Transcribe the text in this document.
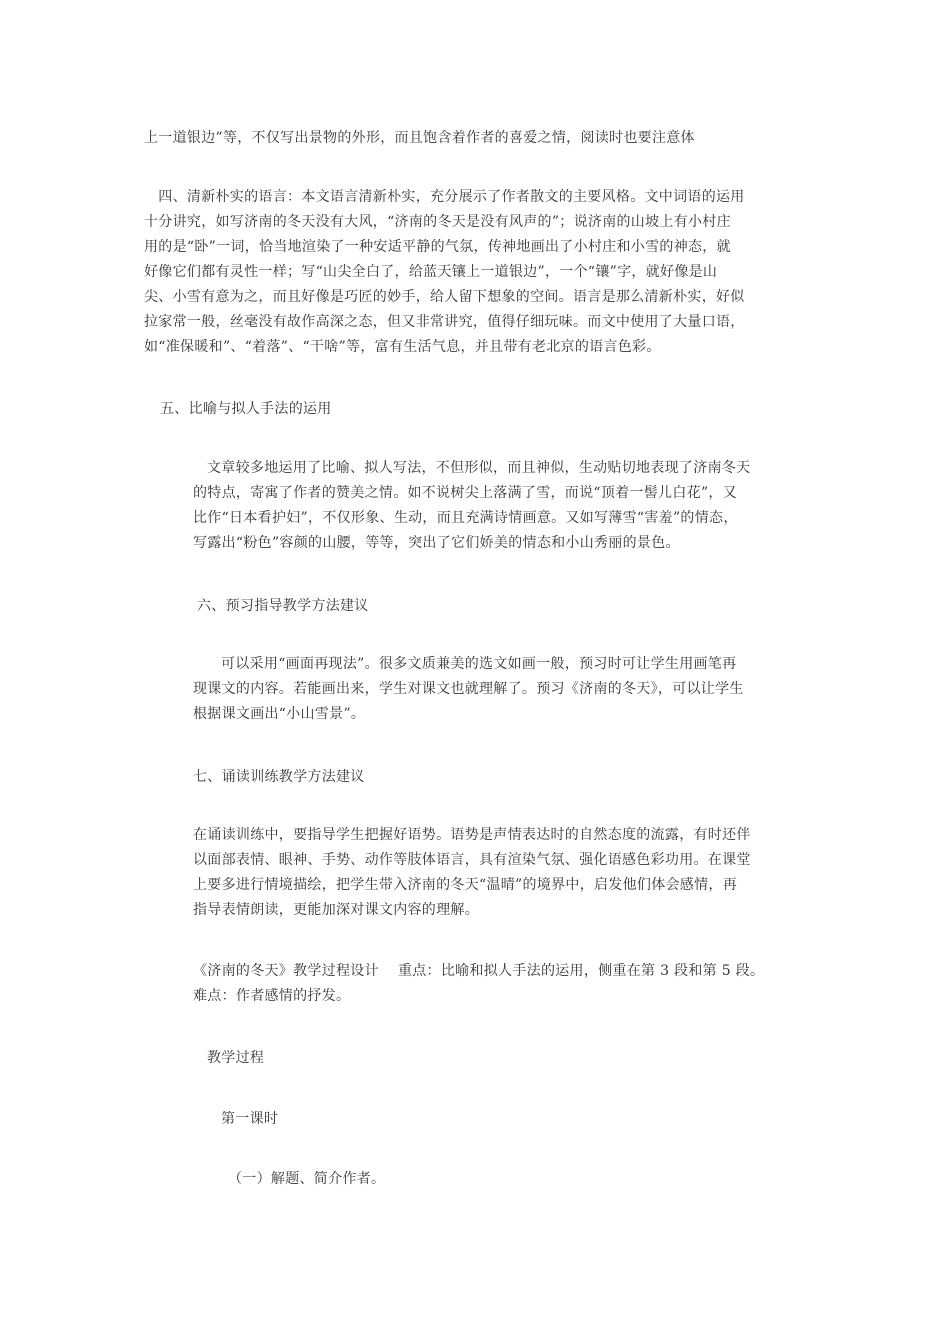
上一道银边”等，不仅写出景物的外形，而且饱含着作者的喜爱之情，阅读时也要注意体
　四、清新朴实的语言：本文语言清新朴实，充分展示了作者散文的主要风格。文中词语的运用
十分讲究，如写济南的冬天没有大风，“济南的冬天是没有风声的”；说济南的山坡上有小村庄
用的是“卧”一词，恰当地渲染了一种安适平静的气氛，传神地画出了小村庄和小雪的神态，就
好像它们都有灵性一样；写“山尖全白了，给蓝天镶上一道银边”，一个“镶”字，就好像是山
尖、小雪有意为之，而且好像是巧匠的妙手，给人留下想象的空间。语言是那么清新朴实，好似
拉家常一般，丝毫没有故作高深之态，但又非常讲究，值得仔细玩味。而文中使用了大量口语，
如“准保暖和”、“着落”、“干啥”等，富有生活气息，并且带有老北京的语言色彩。
五、比喻与拟人手法的运用
文章较多地运用了比喻、拟人写法，不但形似，而且神似，生动贴切地表现了济南冬天
的特点，寄寓了作者的赞美之情。如不说树尖上落满了雪，而说“顶着一髻儿白花”，又
比作“日本看护妇”，不仅形象、生动，而且充满诗情画意。又如写薄雪“害羞”的情态，
写露出“粉色”容颜的山腰，等等，突出了它们娇美的情态和小山秀丽的景色。
六、预习指导教学方法建议
可以采用“画面再现法”。很多文质兼美的选文如画一般，预习时可让学生用画笔再
现课文的内容。若能画出来，学生对课文也就理解了。预习《济南的冬天》，可以让学生
根据课文画出“小山雪景”。
七、诵读训练教学方法建议
在诵读训练中，要指导学生把握好语势。语势是声情表达时的自然态度的流露，有时还伴
以面部表情、眼神、手势、动作等肢体语言，具有渲染气氛、强化语感色彩功用。在课堂
上要多进行情境描绘，把学生带入济南的冬天“温晴”的境界中，启发他们体会感情，再
指导表情朗读，更能加深对课文内容的理解。
《济南的冬天》教学过程设计　 重点：比喻和拟人手法的运用，侧重在第 3 段和第 5 段。
难点：作者感情的抒发。
教学过程
第一课时
（一）解题、简介作者。
